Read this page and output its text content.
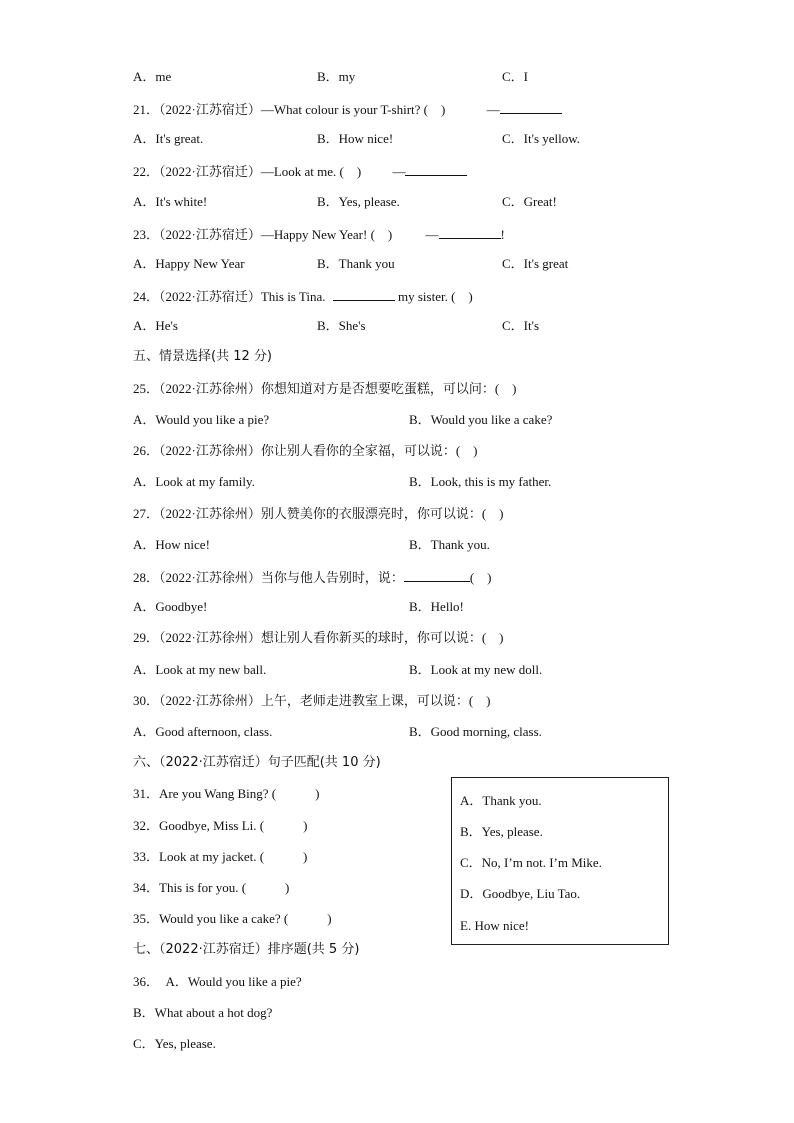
A．me	B．my	C．I
21．（2022·江苏宿迁）—What colour is your T-shirt? (　)	—
A．It's great.	B．How nice!	C．It's yellow.
22．（2022·江苏宿迁）—Look at me. (　) —
A．It's white!	B．Yes, please.	C．Great!
23．（2022·江苏宿迁）—Happy New Year! (　)	—	!
A．Happy New Year	B．Thank you	C．It's great
24．（2022·江苏宿迁）This is Tina.	my sister. (　)
A．He's	B．She's	C．It's
五、情景选择(共 12 分)
25．（2022·江苏徐州）你想知道对方是否想要吃蛋糕，可以问：(　)
A．Would you like a pie?	B．Would you like a cake?
26．（2022·江苏徐州）你让别人看你的全家福，可以说：(　)
A．Look at my family.	B．Look, this is my father.
27．（2022·江苏徐州）别人赞美你的衣服漂亮时，你可以说：(　)
A．How nice!	B．Thank you.
28．（2022·江苏徐州）当你与他人告别时，说：	(　)
A．Goodbye!	B．Hello!
29．（2022·江苏徐州）想让别人看你新买的球时，你可以说：(　)
A．Look at my new ball.	B．Look at my new doll.
30．（2022·江苏徐州）上午，老师走进教室上课，可以说：(　)
A．Good afternoon, class.	B．Good morning, class.
六、（2022·江苏宿迁）句子匹配(共 10 分)
31．Are you Wang Bing? (　　　)
32．Goodbye, Miss Li. (　　　)
33．Look at my jacket. (　　　)
34．This is for you. (　　　)
35．Would you like a cake? (　　　)
A．Thank you.
B．Yes, please.
C．No, I’m not. I’m Mike.
D．Goodbye, Liu Tao.
E. How nice!
七、（2022·江苏宿迁）排序题(共 5 分)
36．　A．Would you like a pie?
B．What about a hot dog?
C．Yes, please.
